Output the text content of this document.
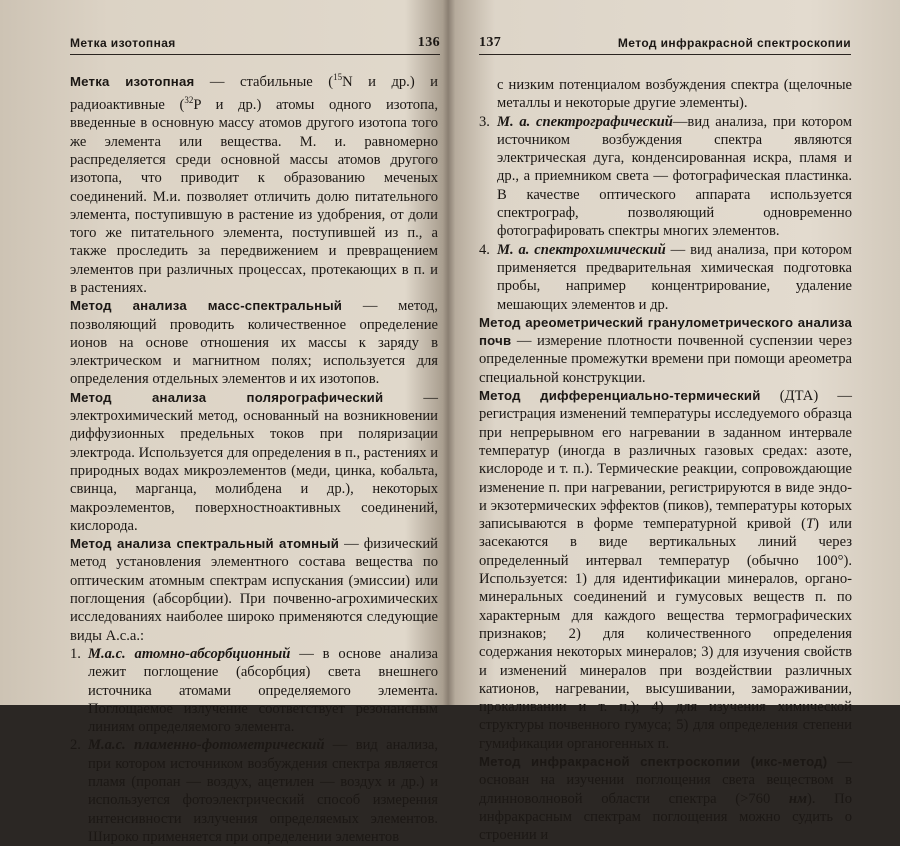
Метка изотопная	136

Метка изотопная — стабильные ($^{15}$N и др.) и радиоактивные ($^{32}$P и др.) атомы одного изотопа, введенные в основную массу атомов другого изотопа того же элемента или вещества. М. и. равномерно распределяется среди основной массы атомов другого изотопа, что приводит к образованию меченых соединений. М.и. позволяет отличить долю питательного элемента, поступившую в растение из удобрения, от доли того же питательного элемента, поступившей из п., а также проследить за передвижением и превращением элементов при различных процессах, протекающих в п. и в растениях.

Метод анализа масс-спектральный — метод, позволяющий проводить количественное определение ионов на основе отношения их массы к заряду в электрическом и магнитном полях; используется для определения отдельных элементов и их изотопов.

Метод анализа полярографический — электрохимический метод, основанный на возникновении диффузионных предельных токов при поляризации электрода. Используется для определения в п., растениях и природных водах микроэлементов (меди, цинка, кобальта, свинца, марганца, молибдена и др.), некоторых макроэлементов, поверхностноактивных соединений, кислорода.

Метод анализа спектральный атомный — физический метод установления элементного состава вещества по оптическим атомным спектрам испускания (эмиссии) или поглощения (абсорбции). При почвенно-агрохимических исследованиях наиболее широко применяются следующие виды А.с.а.:

1. М.а.с. атомно-абсорбционный — в основе анализа лежит поглощение (абсорбция) света внешнего источника атомами определяемого элемента. Поглощаемое излучение соответствует резонансным линиям определяемого элемента.

2. М.а.с. пламенно-фотометрический — вид анализа, при котором источником возбуждения спектра является пламя (пропан — воздух, ацетилен — воздух и др.) и используется фотоэлектрический способ измерения интенсивности излучения определяемых элементов. Широко применяется при определении элементов

137	Метод инфракрасной спектроскопии

с низким потенциалом возбуждения спектра (щелочные металлы и некоторые другие элементы).

3. М. а. спектрографический—вид анализа, при котором источником возбуждения спектра являются электрическая дуга, конденсированная искра, пламя и др., а приемником света — фотографическая пластинка. В качестве оптического аппарата используется спектрограф, позволяющий одновременно фотографировать спектры многих элементов.

4. М. а. спектрохимический — вид анализа, при котором применяется предварительная химическая подготовка пробы, например концентрирование, удаление мешающих элементов и др.

Метод ареометрический гранулометрического анализа почв — измерение плотности почвенной суспензии через определенные промежутки времени при помощи ареометра специальной конструкции.

Метод дифференциально-термический (ДТА) — регистрация изменений температуры исследуемого образца при непрерывном его нагревании в заданном интервале температур (иногда в различных газовых средах: азоте, кислороде и т. п.). Термические реакции, сопровождающие изменение п. при нагревании, регистрируются в виде эндо- и экзотермических эффектов (пиков), температуры которых записываются в форме температурной кривой (T) или засекаются в виде вертикальных линий через определенный интервал температур (обычно 100°). Используется: 1) для идентификации минералов, органо-минеральных соединений и гумусовых веществ п. по характерным для каждого вещества термографических признаков; 2) для количественного определения содержания некоторых минералов; 3) для изучения свойств и изменений минералов при воздействии различных катионов, нагревании, высушивании, замораживании, прокаливании и т. п.); 4) для изучения химической структуры почвенного гумуса; 5) для определения степени гумификации органогенных п.

Метод инфракрасной спектроскопии (икс-метод) — основан на изучении поглощения света веществом в длинноволновой области спектра (>760 нм). По инфракрасным спектрам поглощения можно судить о строении и
